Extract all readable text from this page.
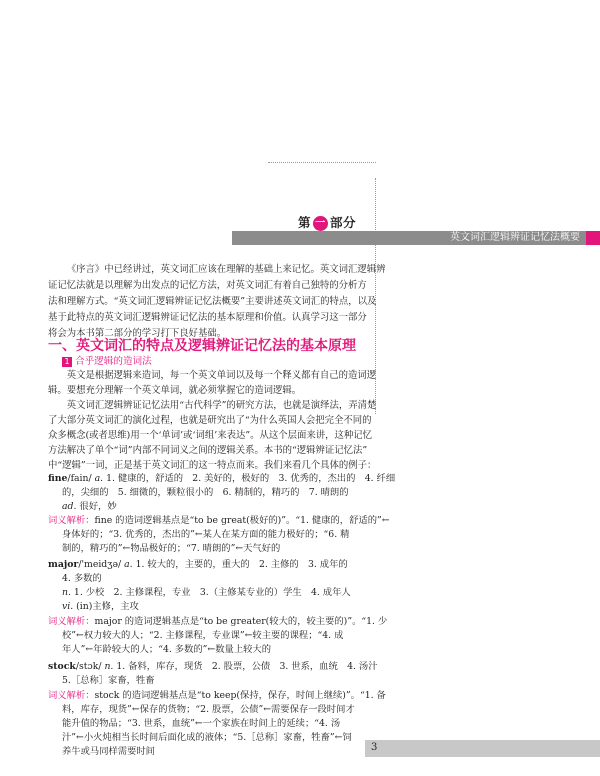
第 一 部分
英文词汇逻辑辨证记忆法概要

《序言》中已经讲过，英文词汇应该在理解的基础上来记忆。英文词汇逻辑辨

证记忆法就是以理解为出发点的记忆方法，对英文词汇有着自己独特的分析方

法和理解方式。“英文词汇逻辑辨证记忆法概要”主要讲述英文词汇的特点，以及

基于此特点的英文词汇逻辑辨证记忆法的基本原理和价值。认真学习这一部分

将会为本书第二部分的学习打下良好基础。

一、英文词汇的特点及逻辑辨证记忆法的基本原理
1 合乎逻辑的造词法

英文是根据逻辑来造词，每一个英文单词以及每一个释义都有自己的造词逻

辑。要想充分理解一个英文单词，就必须掌握它的造词逻辑。

英文词汇逻辑辨证记忆法用“古代科学”的研究方法，也就是演绎法，弄清楚

了大部分英文词汇的演化过程，也就是研究出了“为什么英国人会把完全不同的

众多概念(或者思维)用一个‘单词’或‘词组’来表达”。从这个层面来讲，这种记忆

方法解决了单个“词”内部不同词义之间的逻辑关系。本书的“逻辑辨证记忆法”

中“逻辑”一词，正是基于英文词汇的这一特点而来。我们来看几个具体的例子：

fine/fain/ a. 1. 健康的，舒适的　2. 美好的，极好的　3. 优秀的，杰出的　4. 纤细
的，尖细的　5. 细微的，颗粒很小的　6. 精制的，精巧的　7. 晴朗的
ad. 很好，妙
词义解析：fine 的造词逻辑基点是“to be great(极好的)”。“1. 健康的，舒适的”←
身体好的；“3. 优秀的，杰出的”←某人在某方面的能力极好的；“6. 精
制的，精巧的”←物品极好的；“7. 晴朗的”←天气好的
major/'meidʒə/ a. 1. 较大的，主要的，重大的　2. 主修的　3. 成年的
4. 多数的
n. 1. 少校　2. 主修课程，专业　3.（主修某专业的）学生　4. 成年人
vi. (in)主修，主攻
词义解析：major 的造词逻辑基点是“to be greater(较大的，较主要的)”。“1. 少
校”←权力较大的人；“2. 主修课程，专业课”←较主要的课程；“4. 成
年人”←年龄较大的人；“4. 多数的”←数量上较大的
stock/stɔk/ n. 1. 备料，库存，现货　2. 股票，公债　3. 世系，血统　4. 汤汁
5.［总称］家畜，牲畜
词义解析：stock 的造词逻辑基点是“to keep(保持，保存，时间上继续)”。“1. 备
料，库存，现货”←保存的货物；“2. 股票，公债”←需要保存一段时间才
能升值的物品；“3. 世系，血统”←一个家族在时间上的延续；“4. 汤
汁”←小火炖相当长时间后面化成的液体；“5.［总称］家畜，牲畜”←饲
养牛或马同样需要时间	3
